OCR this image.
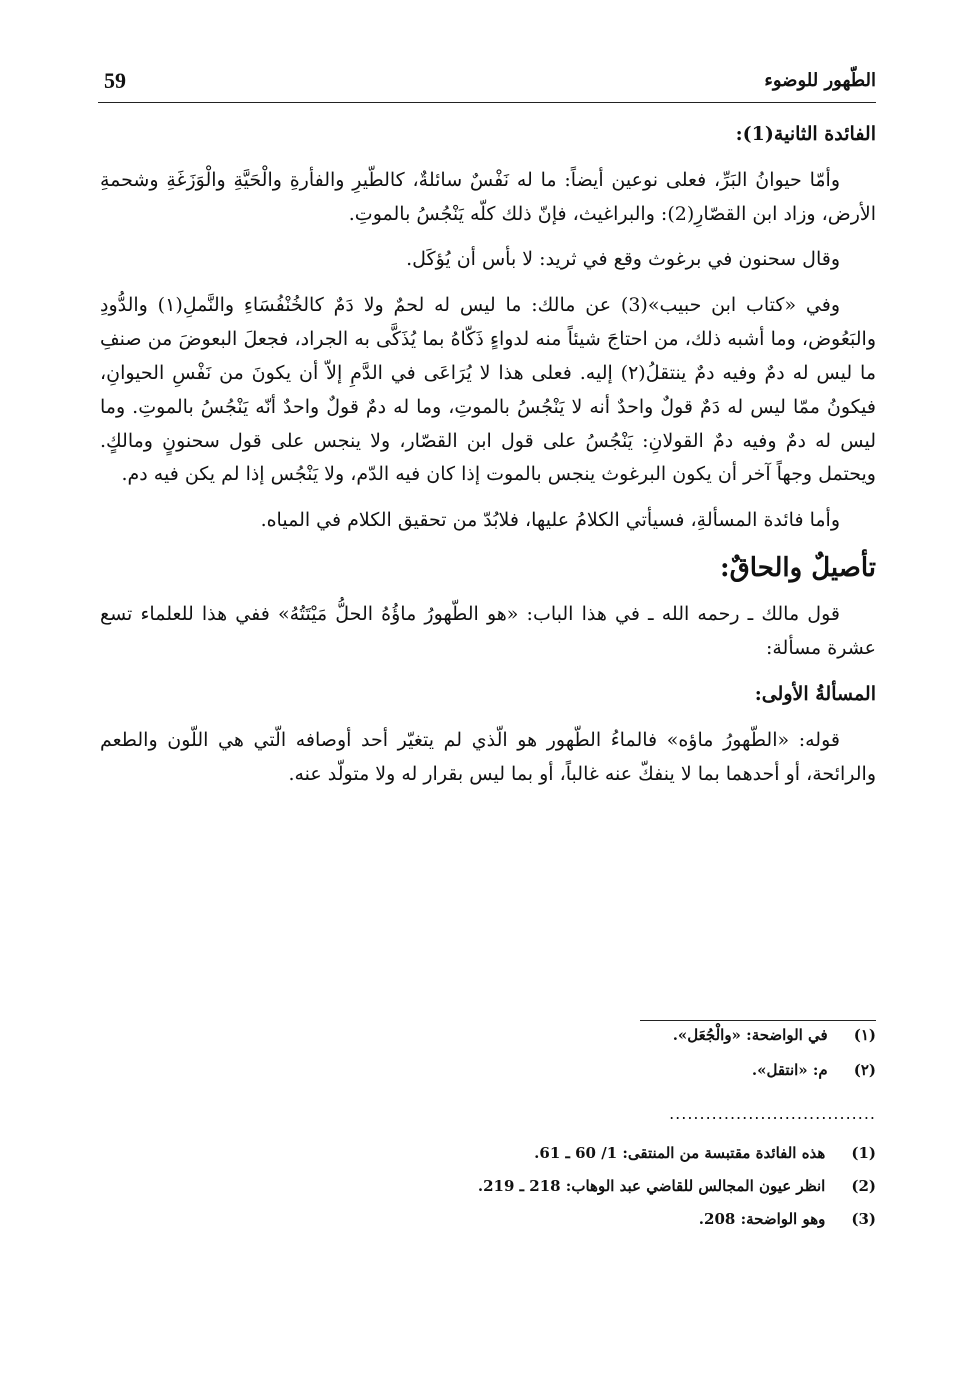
59	الطّهور للوضوء

الفائدة الثانية(1):

وأمّا حيوانُ البَرِّ، فعلى نوعين أيضاً: ما له نَفْسٌ سائلةٌ، كالطّيرِ والفأرةِ والْحَيَّةِ والْوَزَغَةِ وشحمةِ الأرض، وزاد ابن القصّارِ(2): والبراغيث، فإنّ ذلك كلّه يَنْجُسُ بالموتِ.

وقال سحنون في برغوث وقع في ثريد: لا بأس أن يُؤكَل.

وفي «كتاب ابن حبيب»(3) عن مالك: ما ليس له لحمٌ ولا دَمٌ كالخُنْفُسَاءِ والنَّملِ(١) والدُّودِ والبَعُوض، وما أشبه ذلك، من احتاجَ شيئاً منه لدواءٍ ذَكّاهُ بما يُذَكَّى به الجراد، فجعلَ البعوضَ من صنفِ ما ليس له دمٌ وفيه دمٌ ينتقلُ(٢) إليه. فعلى هذا لا يُرَاعَى في الدَّمِ إلاّ أن يكونَ من نَفْسِ الحيوانِ، فيكونُ ممّا ليس له دَمٌ قولٌ واحدٌ أنه لا يَنْجُسُ بالموتِ، وما له دمٌ قولٌ واحدٌ أنّه يَنْجُسُ بالموتِ. وما ليس له دمٌ وفيه دمٌ القولانِ: يَنْجُسُ على قول ابن القصّار، ولا ينجس على قول سحنونٍ ومالكٍ. ويحتمل وجهاً آخر أن يكون البرغوث ينجس بالموت إذا كان فيه الدّم، ولا يَنْجُس إذا لم يكن فيه دم.

وأما فائدة المسألةِ، فسيأتي الكلامُ عليها، فلابُدّ من تحقيق الكلام في المياه.

تأصيلٌ والحاقٌ:

قول مالك ـ رحمه الله ـ في هذا الباب: «هو الطّهورُ ماؤُهُ الحلُّ مَيْتَتُهُ» ففي هذا للعلماء تسع عشرة مسألة:

المسألةُ الأولى:

قوله: «الطّهورُ ماؤه» فالماءُ الطّهور هو الّذي لم يتغيّر أحد أوصافه الّتي هي اللّون والطعم والرائحة، أو أحدهما بما لا ينفكّ عنه غالباً، أو بما ليس بقرار له ولا متولّد عنه.

(١)
في الواضحة: «والْجُعَل».
(٢)
م: «انتقل».
..................................
(1)
هذه الفائدة مقتبسة من المنتقى: 1/ 60 ـ 61.
(2)
انظر عيون المجالس للقاضي عبد الوهاب: 218 ـ 219.
(3)
وهو الواضحة: 208.
